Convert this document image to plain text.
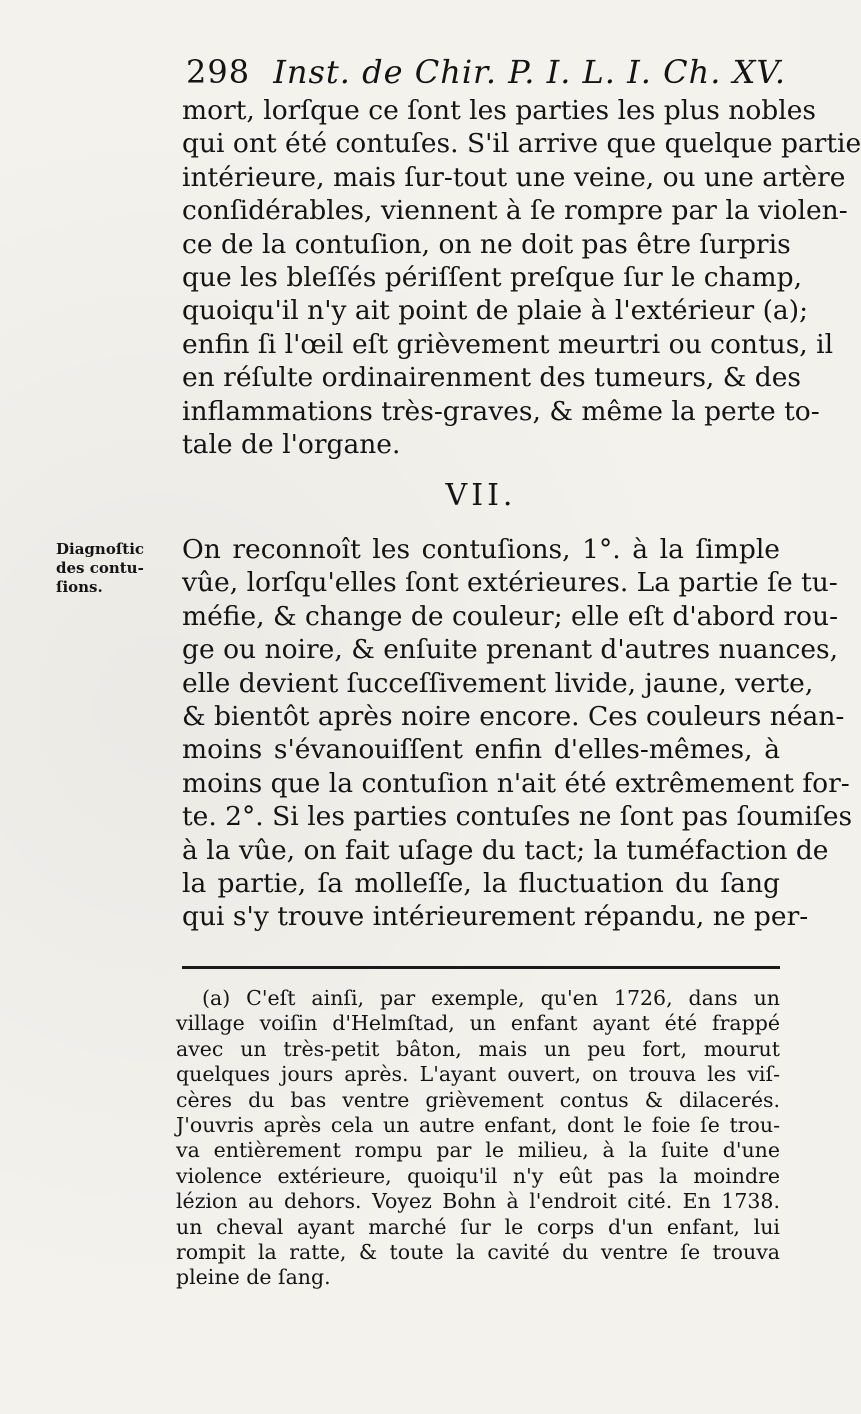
298 Inst. de Chir. P. I. L. I. Ch. XV.
mort, lorſque ce ſont les parties les plus nobles
qui ont été contuſes. S'il arrive que quelque partie
intérieure, mais ſur-tout une veine, ou une artère
conſidérables, viennent à ſe rompre par la violen-
ce de la contuſion, on ne doit pas être ſurpris
que les bleſſés périſſent preſque ſur le champ,
quoiqu'il n'y ait point de plaie à l'extérieur (a);
enfin ſi l'œil eſt grièvement meurtri ou contus, il
en réſulte ordinairenment des tumeurs, & des
inflammations très-graves, & même la perte to-
tale de l'organe.
VII.
Diagnoſtic
des contu-
ſions.
On reconnoît les contuſions, 1°. à la ſimple
vûe, lorſqu'elles ſont extérieures. La partie ſe tu-
méfie, & change de couleur; elle eſt d'abord rou-
ge ou noire, & enſuite prenant d'autres nuances,
elle devient ſucceſſivement livide, jaune, verte,
& bientôt après noire encore. Ces couleurs néan-
moins s'évanouiſſent enfin d'elles-mêmes, à
moins que la contuſion n'ait été extrêmement for-
te. 2°. Si les parties contuſes ne ſont pas ſoumiſes
à la vûe, on fait uſage du tact; la tuméfaction de
la partie, ſa molleſſe, la fluctuation du ſang
qui s'y trouve intérieurement répandu, ne per-
(a) C'eſt ainſi, par exemple, qu'en 1726, dans un
village voiſin d'Helmſtad, un enfant ayant été frappé
avec un très-petit bâton, mais un peu fort, mourut
quelques jours après. L'ayant ouvert, on trouva les viſ-
cères du bas ventre grièvement contus & dilacerés.
J'ouvris après cela un autre enfant, dont le foie ſe trou-
va entièrement rompu par le milieu, à la ſuite d'une
violence extérieure, quoiqu'il n'y eût pas la moindre
lézion au dehors. Voyez Bohn à l'endroit cité. En 1738.
un cheval ayant marché ſur le corps d'un enfant, lui
rompit la ratte, & toute la cavité du ventre ſe trouva
pleine de ſang.
